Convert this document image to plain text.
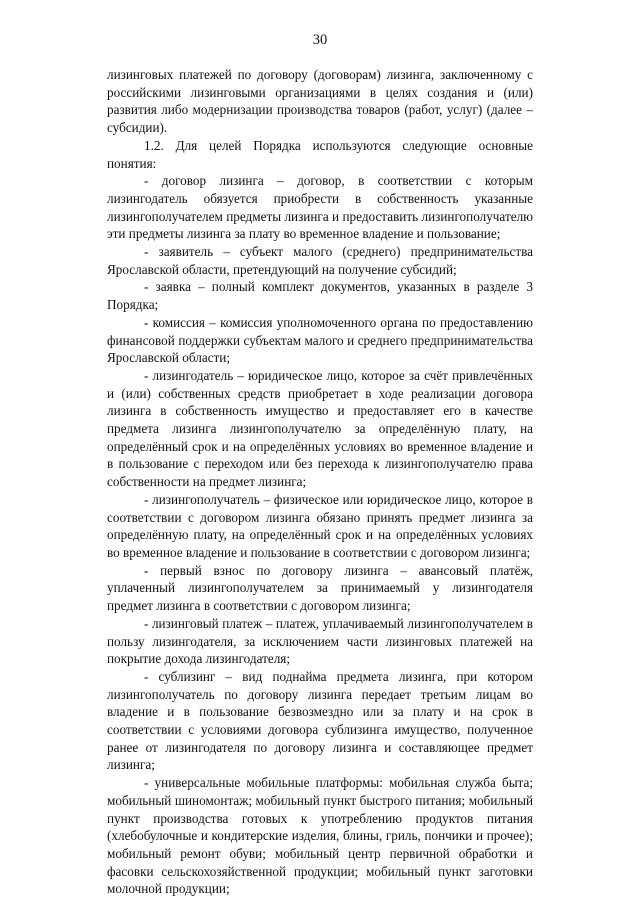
30

лизинговых платежей по договору (договорам) лизинга, заключенному с российскими лизинговыми организациями в целях создания и (или) развития либо модернизации производства товаров (работ, услуг) (далее – субсидии).

1.2. Для целей Порядка используются следующие основные понятия:

- договор лизинга – договор, в соответствии с которым лизингодатель обязуется приобрести в собственность указанные лизингополучателем предметы лизинга и предоставить лизингополучателю эти предметы лизинга за плату во временное владение и пользование;

- заявитель – субъект малого (среднего) предпринимательства Ярославской области, претендующий на получение субсидий;

- заявка – полный комплект документов, указанных в разделе 3 Порядка;

- комиссия – комиссия уполномоченного органа по предоставлению финансовой поддержки субъектам малого и среднего предпринимательства Ярославской области;

- лизингодатель – юридическое лицо, которое за счёт привлечённых и (или) собственных средств приобретает в ходе реализации договора лизинга в собственность имущество и предоставляет его в качестве предмета лизинга лизингополучателю за определённую плату, на определённый срок и на определённых условиях во временное владение и в пользование с переходом или без перехода к лизингополучателю права собственности на предмет лизинга;

- лизингополучатель – физическое или юридическое лицо, которое в соответствии с договором лизинга обязано принять предмет лизинга за определённую плату, на определённый срок и на определённых условиях во временное владение и пользование в соответствии с договором лизинга;

- первый взнос по договору лизинга – авансовый платёж, уплаченный лизингополучателем за принимаемый у лизингодателя предмет лизинга в соответствии с договором лизинга;

- лизинговый платеж – платеж, уплачиваемый лизингополучателем в пользу лизингодателя, за исключением части лизинговых платежей на покрытие дохода лизингодателя;

- сублизинг – вид поднайма предмета лизинга, при котором лизингополучатель по договору лизинга передает третьим лицам во владение и в пользование безвозмездно или за плату и на срок в соответствии с условиями договора сублизинга имущество, полученное ранее от лизингодателя по договору лизинга и составляющее предмет лизинга;

- универсальные мобильные платформы: мобильная служба быта; мобильный шиномонтаж; мобильный пункт быстрого питания; мобильный пункт производства готовых к употреблению продуктов питания (хлебобулочные и кондитерские изделия, блины, гриль, пончики и прочее); мобильный ремонт обуви; мобильный центр первичной обработки и фасовки сельскохозяйственной продукции; мобильный пункт заготовки молочной продукции;
